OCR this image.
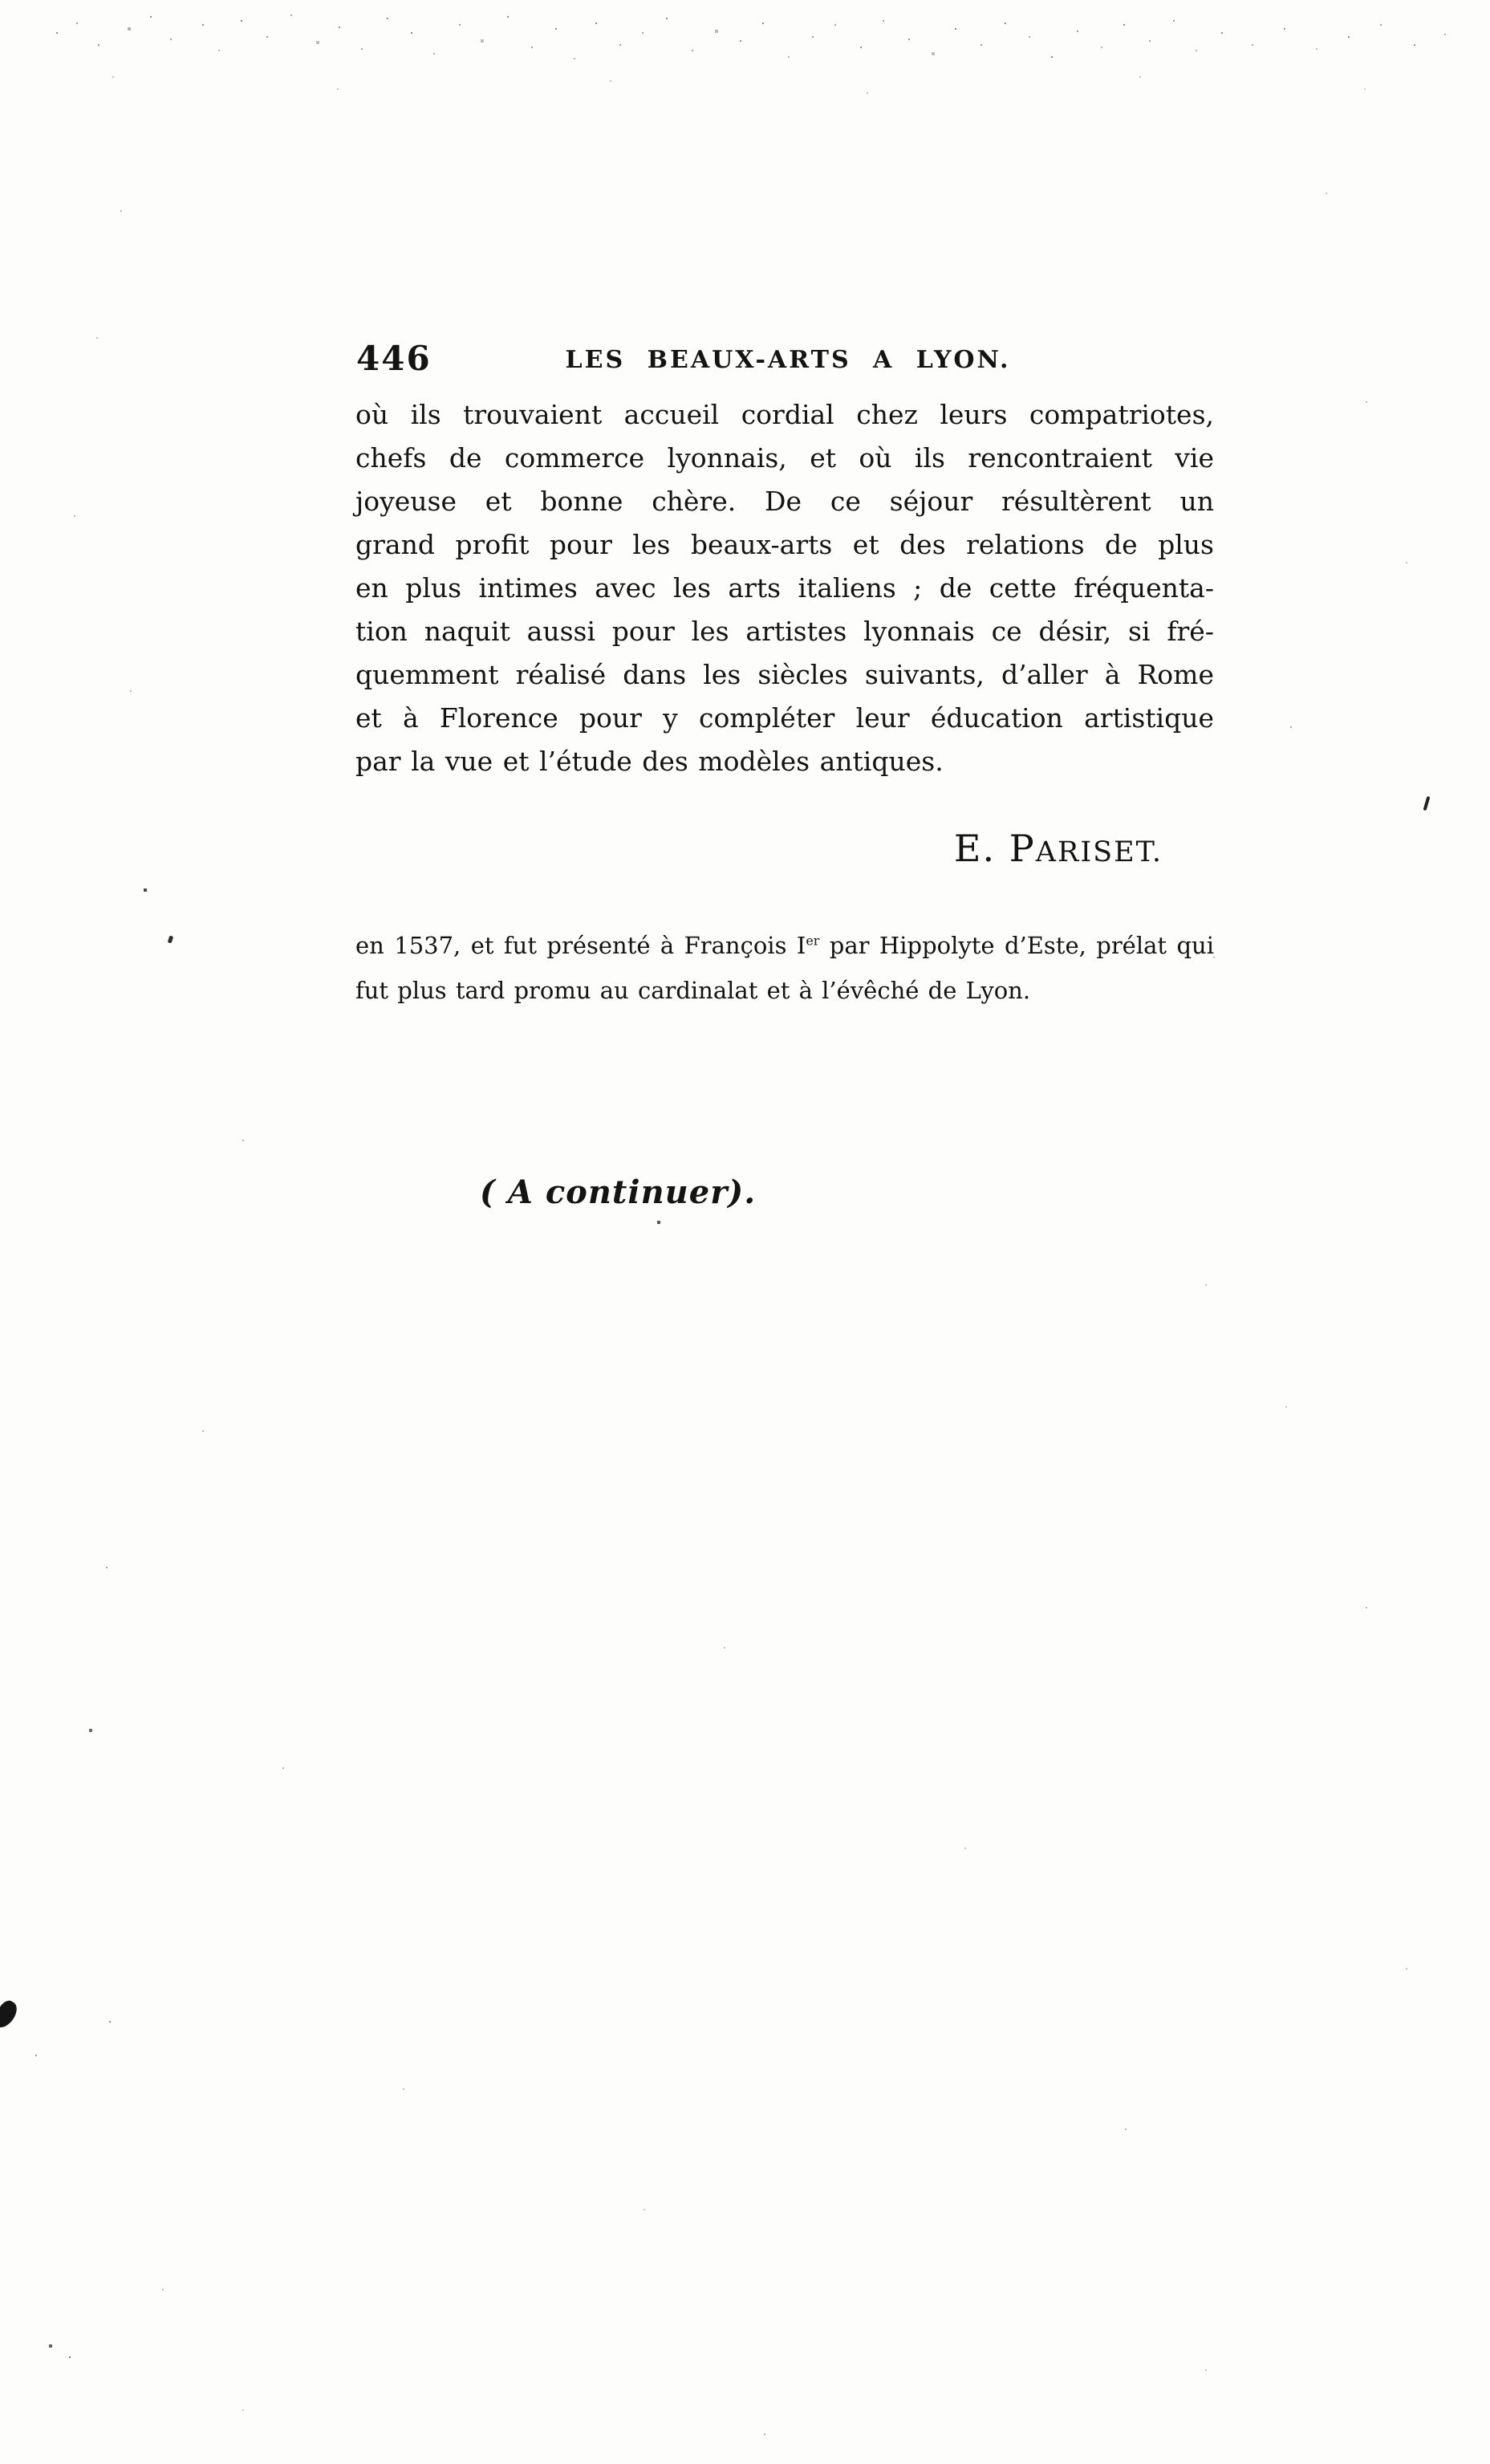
446	LES BEAUX-ARTS A LYON.
où ils trouvaient accueil cordial chez leurs compatriotes,
chefs de commerce lyonnais, et où ils rencontraient vie
joyeuse et bonne chère. De ce séjour résultèrent un
grand profit pour les beaux-arts et des relations de plus
en plus intimes avec les arts italiens ; de cette fréquenta-
tion naquit aussi pour les artistes lyonnais ce désir, si fré-
quemment réalisé dans les siècles suivants, d’aller à Rome
et à Florence pour y compléter leur éducation artistique
par la vue et l’étude des modèles antiques.
E. PARISET.
en 1537, et fut présenté à François Ier par Hippolyte d’Este, prélat qui
fut plus tard promu au cardinalat et à l’évêché de Lyon.
( A continuer).
